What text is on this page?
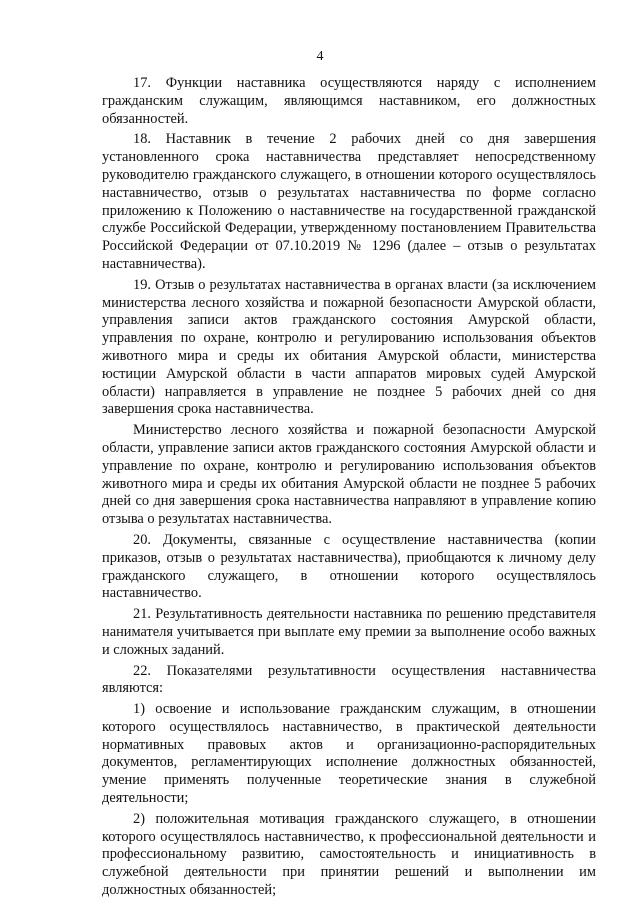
4

17. Функции наставника осуществляются наряду с исполнением гражданским служащим, являющимся наставником, его должностных обязанностей.

18. Наставник в течение 2 рабочих дней со дня завершения установленного срока наставничества представляет непосредственному руководителю гражданского служащего, в отношении которого осуществлялось наставничество, отзыв о результатах наставничества по форме согласно приложению к Положению о наставничестве на государственной гражданской службе Российской Федерации, утвержденному постановлением Правительства Российской Федерации от 07.10.2019 № 1296 (далее – отзыв о результатах наставничества).

19. Отзыв о результатах наставничества в органах власти (за исключением министерства лесного хозяйства и пожарной безопасности Амурской области, управления записи актов гражданского состояния Амурской области, управления по охране, контролю и регулированию использования объектов животного мира и среды их обитания Амурской области, министерства юстиции Амурской области в части аппаратов мировых судей Амурской области) направляется в управление не позднее 5 рабочих дней со дня завершения срока наставничества.

Министерство лесного хозяйства и пожарной безопасности Амурской области, управление записи актов гражданского состояния Амурской области и управление по охране, контролю и регулированию использования объектов животного мира и среды их обитания Амурской области не позднее 5 рабочих дней со дня завершения срока наставничества направляют в управление копию отзыва о результатах наставничества.

20. Документы, связанные с осуществление наставничества (копии приказов, отзыв о результатах наставничества), приобщаются к личному делу гражданского служащего, в отношении которого осуществлялось наставничество.

21. Результативность деятельности наставника по решению представителя нанимателя учитывается при выплате ему премии за выполнение особо важных и сложных заданий.

22. Показателями результативности осуществления наставничества являются:

1) освоение и использование гражданским служащим, в отношении которого осуществлялось наставничество, в практической деятельности нормативных правовых актов и организационно-распорядительных документов, регламентирующих исполнение должностных обязанностей, умение применять полученные теоретические знания в служебной деятельности;

2) положительная мотивация гражданского служащего, в отношении которого осуществлялось наставничество, к профессиональной деятельности и профессиональному развитию, самостоятельность и инициативность в служебной деятельности при принятии решений и выполнении им должностных обязанностей;
